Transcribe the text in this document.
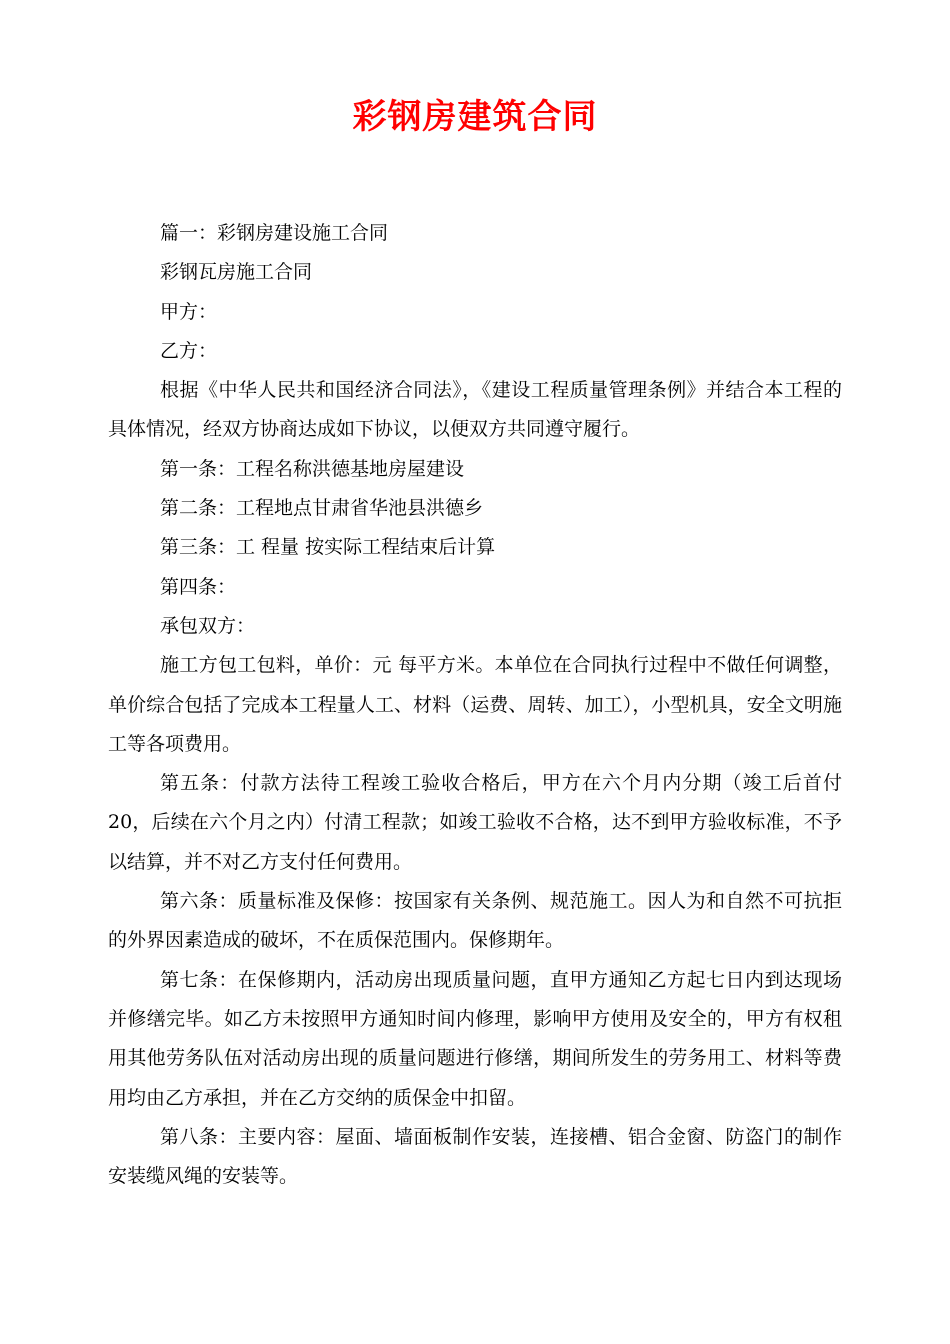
彩钢房建筑合同

篇一：彩钢房建设施工合同

彩钢瓦房施工合同

甲方：

乙方：

根据《中华人民共和国经济合同法》，《建设工程质量管理条例》并结合本工程的具体情况，经双方协商达成如下协议，以便双方共同遵守履行。

第一条：工程名称洪德基地房屋建设

第二条：工程地点甘肃省华池县洪德乡

第三条：工 程量 按实际工程结束后计算

第四条：

承包双方：

施工方包工包料，单价：元 每平方米。本单位在合同执行过程中不做任何调整，单价综合包括了完成本工程量人工、材料（运费、周转、加工），小型机具，安全文明施工等各项费用。

第五条：付款方法待工程竣工验收合格后，甲方在六个月内分期（竣工后首付20，后续在六个月之内）付清工程款；如竣工验收不合格，达不到甲方验收标准，不予以结算，并不对乙方支付任何费用。

第六条：质量标准及保修：按国家有关条例、规范施工。因人为和自然不可抗拒的外界因素造成的破坏，不在质保范围内。保修期年。

第七条：在保修期内，活动房出现质量问题，直甲方通知乙方起七日内到达现场并修缮完毕。如乙方未按照甲方通知时间内修理，影响甲方使用及安全的，甲方有权租用其他劳务队伍对活动房出现的质量问题进行修缮，期间所发生的劳务用工、材料等费用均由乙方承担，并在乙方交纳的质保金中扣留。

第八条：主要内容：屋面、墙面板制作安装，连接槽、铝合金窗、防盗门的制作安装缆风绳的安装等。
